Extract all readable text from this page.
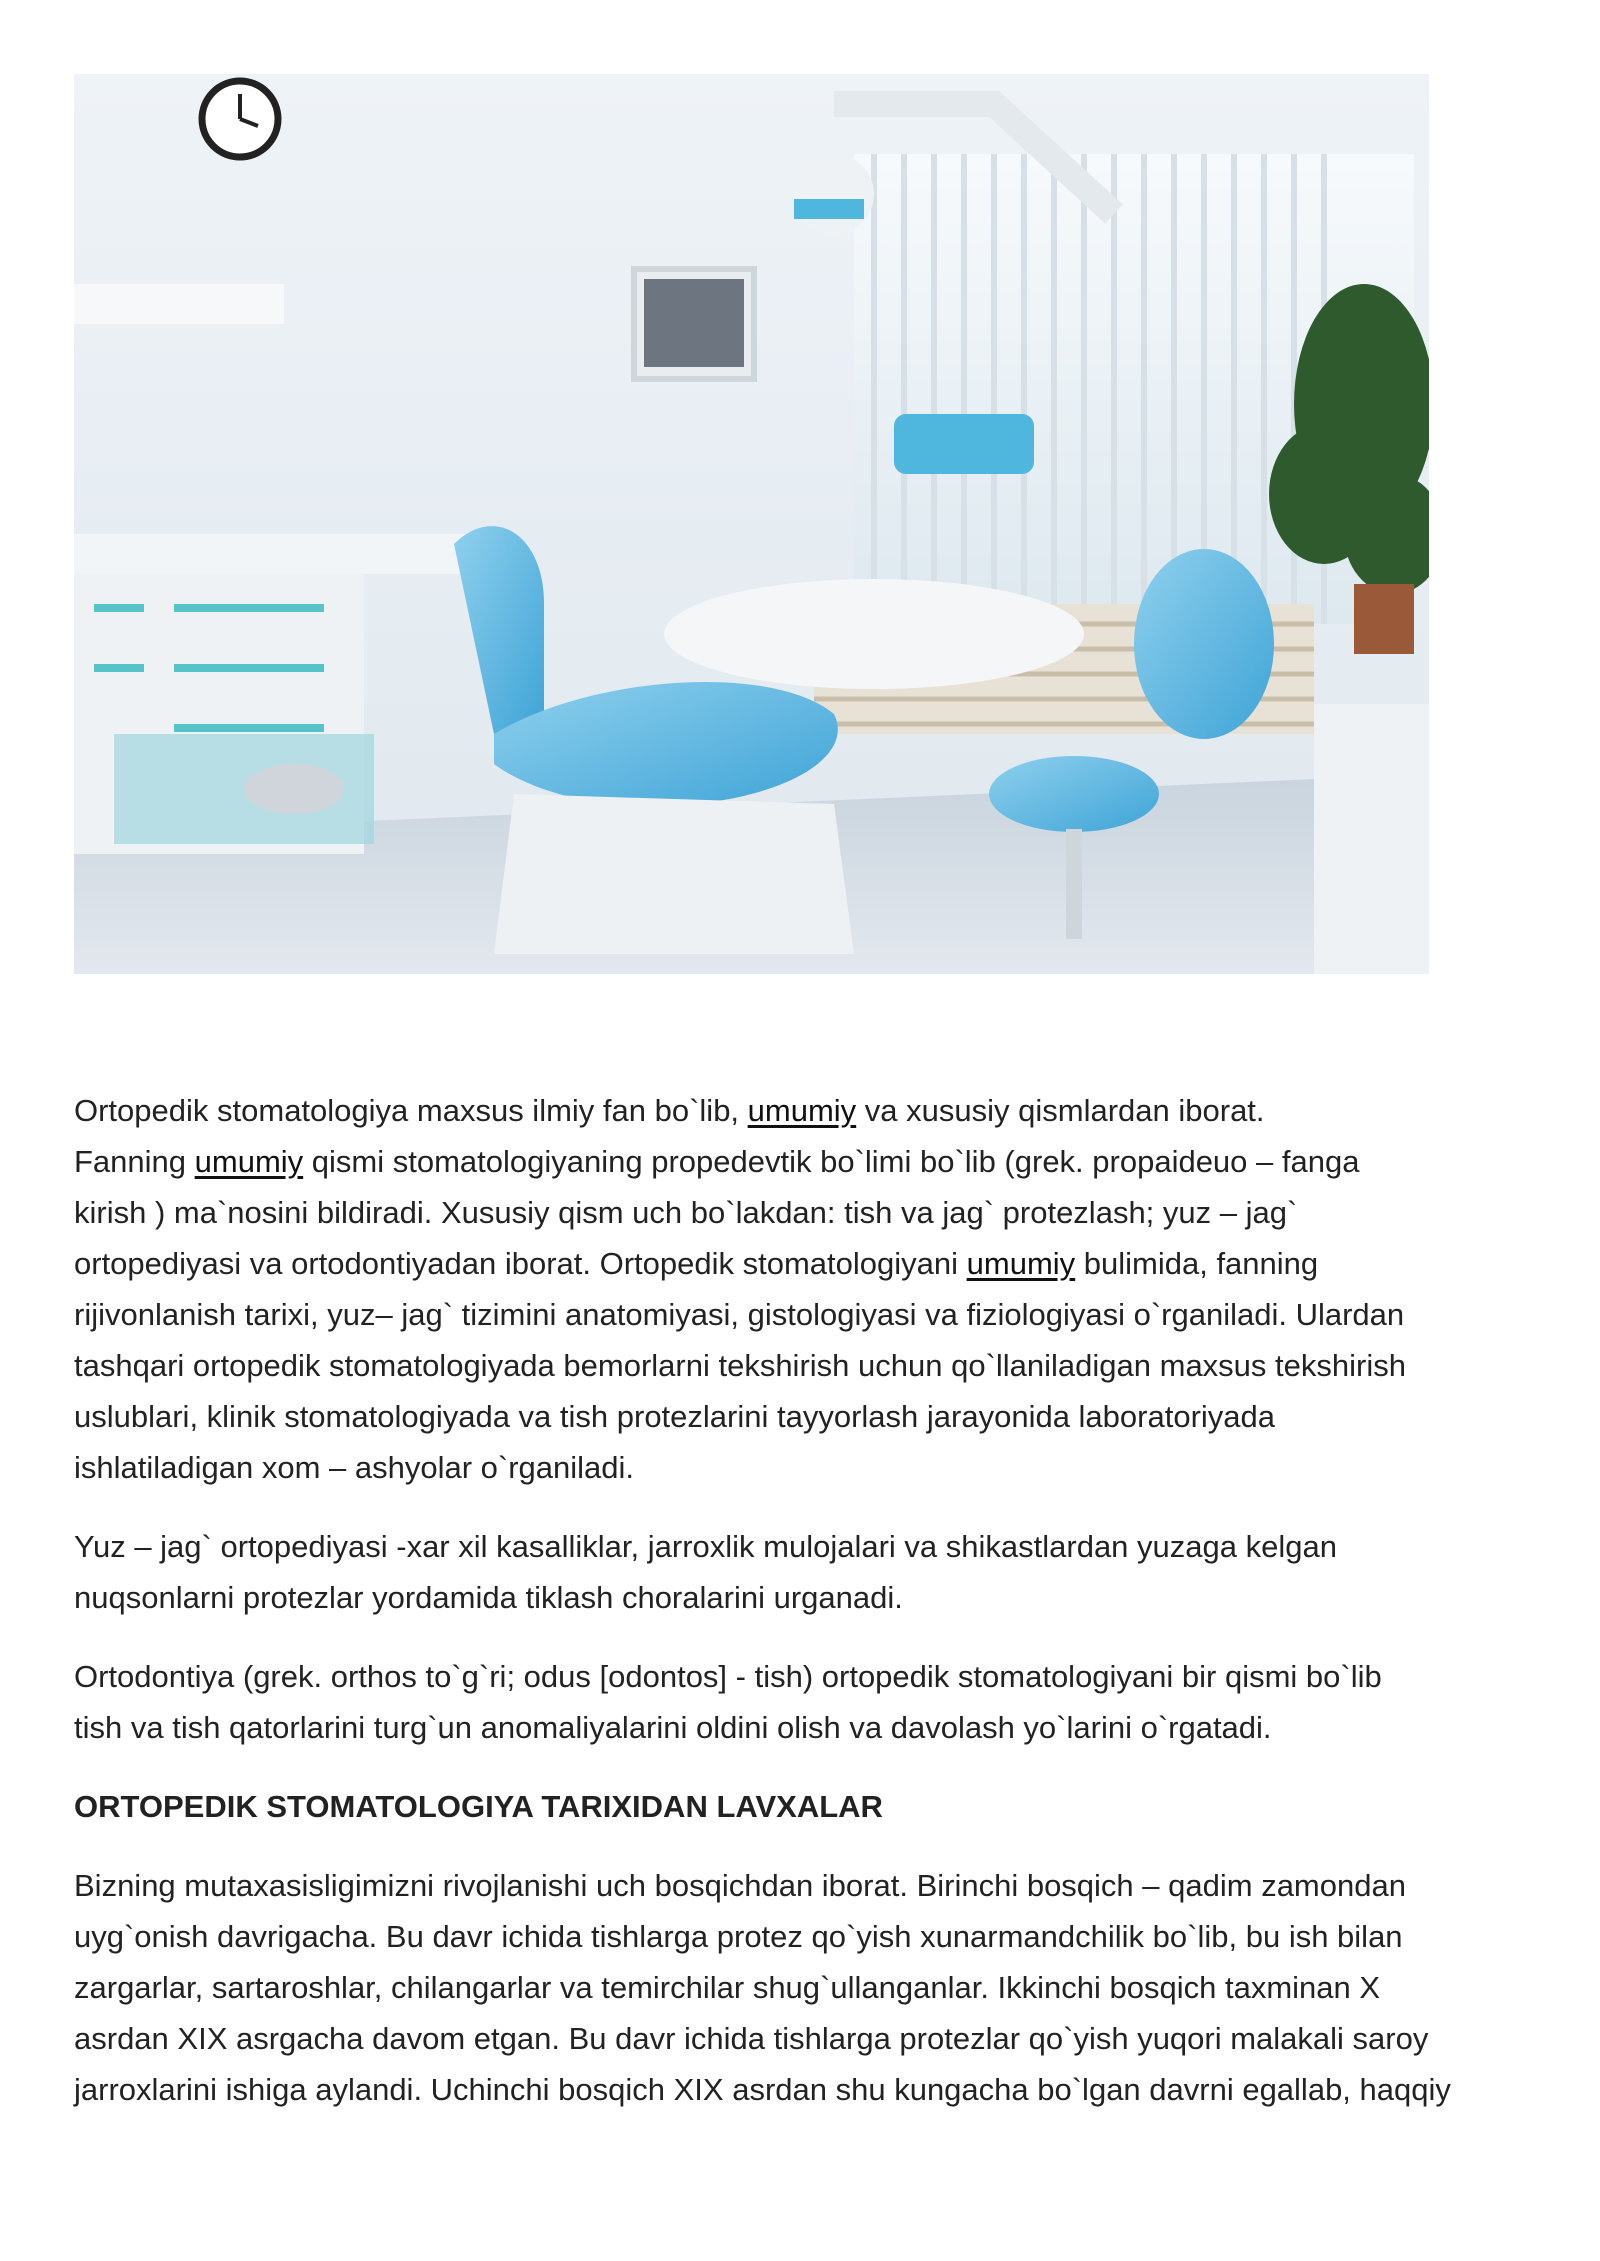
Ortopedik stomatologiya maxsus ilmiy fan bo`lib, umumiy va xususiy qismlardan iborat.
Fanning umumiy qismi stomatologiyaning propedevtik bo`limi bo`lib (grek. propaideuo – fanga
kirish ) ma`nosini bildiradi. Xususiy qism uch bo`lakdan: tish va jag` protezlash; yuz – jag`
ortopediyasi va ortodontiyadan iborat. Ortopedik stomatologiyani umumiy bulimida, fanning
rijivonlanish tarixi, yuz– jag` tizimini anatomiyasi, gistologiyasi va fiziologiyasi o`rganiladi. Ulardan
tashqari ortopedik stomatologiyada bemorlarni tekshirish uchun qo`llaniladigan maxsus tekshirish
uslublari, klinik stomatologiyada va tish protezlarini tayyorlash jarayonida laboratoriyada
ishlatiladigan xom – ashyolar o`rganiladi.

Yuz – jag` ortopediyasi -xar xil kasalliklar, jarroxlik mulojalari va shikastlardan yuzaga kelgan
nuqsonlarni protezlar yordamida tiklash choralarini urganadi.

Ortodontiya (grek. orthos to`g`ri; odus [odontos] - tish) ortopedik stomatologiyani bir qismi bo`lib
tish va tish qatorlarini turg`un anomaliyalarini oldini olish va davolash yo`larini o`rgatadi.

ORTOPEDIK STOMATOLOGIYA TARIXIDAN LAVXALAR

Bizning mutaxasisligimizni rivojlanishi uch bosqichdan iborat. Birinchi bosqich – qadim zamondan
uyg`onish davrigacha. Bu davr ichida tishlarga protez qo`yish xunarmandchilik bo`lib, bu ish bilan
zargarlar, sartaroshlar, chilangarlar va temirchilar shug`ullanganlar. Ikkinchi bosqich taxminan X
asrdan XIX asrgacha davom etgan. Bu davr ichida tishlarga protezlar qo`yish yuqori malakali saroy
jarroxlarini ishiga aylandi. Uchinchi bosqich XIX asrdan shu kungacha bo`lgan davrni egallab, haqqiy
